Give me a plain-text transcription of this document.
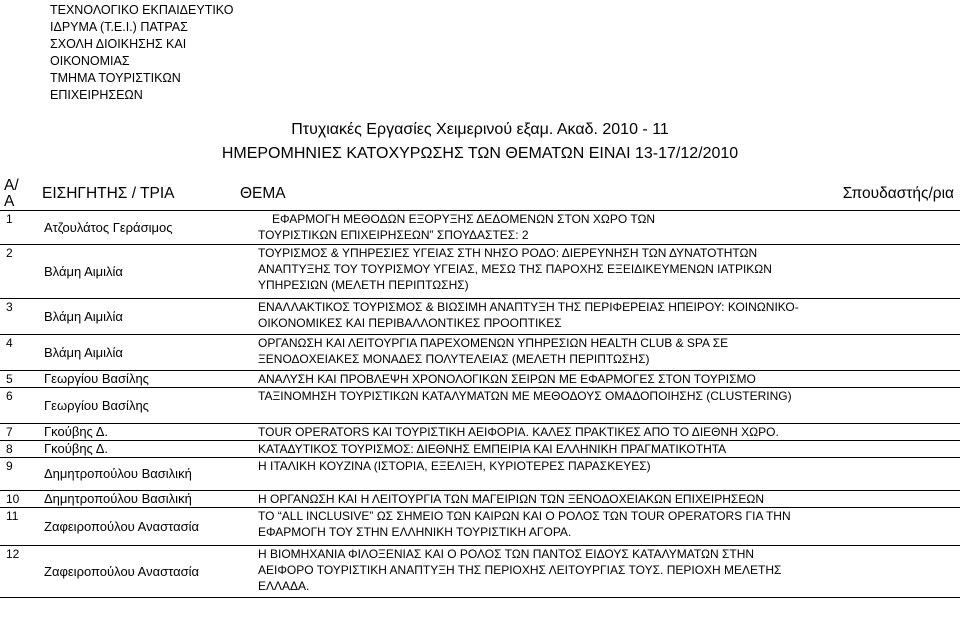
ΤΕΧΝΟΛΟΓΙΚΟ ΕΚΠΑΙΔΕΥΤΙΚΟ
ΙΔΡΥΜΑ (Τ.Ε.Ι.) ΠΑΤΡΑΣ
ΣΧΟΛΗ ΔΙΟΙΚΗΣΗΣ ΚΑΙ
ΟΙΚΟΝΟΜΙΑΣ
ΤΜΗΜΑ ΤΟΥΡΙΣΤΙΚΩΝ
ΕΠΙΧΕΙΡΗΣΕΩΝ
Πτυχιακές Εργασίες Χειμερινού εξαμ. Ακαδ. 2010 - 11
ΗΜΕΡΟΜΗΝΙΕΣ ΚΑΤΟΧΥΡΩΣΗΣ ΤΩΝ ΘΕΜΑΤΩΝ ΕΙΝΑΙ 13-17/12/2010
Α/Α	ΕΙΣΗΓΗΤΗΣ / ΤΡΙΑ	ΘΕΜΑ	Σπουδαστής/ρια
1	Ατζουλάτος Γεράσιμος	ΕΦΑΡΜΟΓΗ ΜΕΘΟΔΩΝ ΕΞΟΡΥΞΗΣ ΔΕΔΟΜΕΝΩΝ ΣΤΟΝ ΧΩΡΟ ΤΩΝ
ΤΟΥΡΙΣΤΙΚΩΝ ΕΠΙΧΕΙΡΗΣΕΩΝ” ΣΠΟΥΔΑΣΤΕΣ: 2	

2	Βλάμη Αιμιλία	ΤΟΥΡΙΣΜΟΣ & ΥΠΗΡΕΣΙΕΣ ΥΓΕΙΑΣ ΣΤΗ ΝΗΣΟ ΡΟΔΟ: ΔΙΕΡΕΥΝΗΣΗ ΤΩΝ ΔΥΝΑΤΟΤΗΤΩΝ
ΑΝΑΠΤΥΞΗΣ ΤΟΥ ΤΟΥΡΙΣΜΟΥ ΥΓΕΙΑΣ, ΜΕΣΩ ΤΗΣ ΠΑΡΟΧΗΣ ΕΞΕΙΔΙΚΕΥΜΕΝΩΝ ΙΑΤΡΙΚΩΝ
ΥΠΗΡΕΣΙΩΝ (ΜΕΛΕΤΗ ΠΕΡΙΠΤΩΣΗΣ)	

3	Βλάμη Αιμιλία	ΕΝΑΛΛΑΚΤΙΚΟΣ ΤΟΥΡΙΣΜΟΣ & ΒΙΩΣΙΜΗ ΑΝΑΠΤΥΞΗ ΤΗΣ ΠΕΡΙΦΕΡΕΙΑΣ ΗΠΕΙΡΟΥ: ΚΟΙΝΩΝΙΚΟ-
ΟΙΚΟΝΟΜΙΚΕΣ ΚΑΙ ΠΕΡΙΒΑΛΛΟΝΤΙΚΕΣ ΠΡΟΟΠΤΙΚΕΣ	

4	Βλάμη Αιμιλία	ΟΡΓΑΝΩΣΗ ΚΑΙ ΛΕΙΤΟΥΡΓΙΑ ΠΑΡΕΧΟΜΕΝΩΝ ΥΠΗΡΕΣΙΩΝ HEALTH CLUB & SPA ΣΕ
ΞΕΝΟΔΟΧΕΙΑΚΕΣ ΜΟΝΑΔΕΣ ΠΟΛΥΤΕΛΕΙΑΣ (ΜΕΛΕΤΗ ΠΕΡΙΠΤΩΣΗΣ)	

5	Γεωργίου Βασίλης	ΑΝΑΛΥΣΗ ΚΑΙ ΠΡΟΒΛΕΨΗ ΧΡΟΝΟΛΟΓΙΚΩΝ ΣΕΙΡΩΝ ΜΕ ΕΦΑΡΜΟΓΕΣ ΣΤΟΝ ΤΟΥΡΙΣΜΟ	

6	Γεωργίου Βασίλης	ΤΑΞΙΝΟΜΗΣΗ ΤΟΥΡΙΣΤΙΚΩΝ ΚΑΤΑΛΥΜΑΤΩΝ ΜΕ ΜΕΘΟΔΟΥΣ ΟΜΑΔΟΠΟΙΗΣΗΣ (CLUSTERING)	

7	Γκούβης Δ.	TOUR OPERATORS ΚΑΙ ΤΟΥΡΙΣΤΙΚΗ ΑΕΙΦΟΡΙΑ. ΚΑΛΕΣ ΠΡΑΚΤΙΚΕΣ ΑΠΟ ΤΟ ΔΙΕΘΝΗ ΧΩΡΟ.	

8	Γκούβης Δ.	ΚΑΤΑΔΥΤΙΚΟΣ ΤΟΥΡΙΣΜΟΣ: ΔΙΕΘΝΗΣ ΕΜΠΕΙΡΙΑ ΚΑΙ ΕΛΛΗΝΙΚΗ ΠΡΑΓΜΑΤΙΚΟΤΗΤΑ	

9	Δημητροπούλου Βασιλική	Η ΙΤΑΛΙΚΗ ΚΟΥΖΙΝΑ (ΙΣΤΟΡΙΑ, ΕΞΕΛΙΞΗ, ΚΥΡΙΟΤΕΡΕΣ ΠΑΡΑΣΚΕΥΕΣ)	

10	Δημητροπούλου Βασιλική	Η ΟΡΓΑΝΩΣΗ ΚΑΙ Η ΛΕΙΤΟΥΡΓΙΑ ΤΩΝ ΜΑΓΕΙΡΙΩΝ ΤΩΝ ΞΕΝΟΔΟΧΕΙΑΚΩΝ ΕΠΙΧΕΙΡΗΣΕΩΝ	

11	Ζαφειροπούλου Αναστασία	ΤΟ “ALL INCLUSIVE” ΩΣ ΣΗΜΕΙΟ ΤΩΝ ΚΑΙΡΩΝ ΚΑΙ Ο ΡΟΛΟΣ ΤΩΝ TOUR OPERATORS ΓΙΑ ΤΗΝ
ΕΦΑΡΜΟΓΗ ΤΟΥ ΣΤΗΝ ΕΛΛΗΝΙΚΗ ΤΟΥΡΙΣΤΙΚΗ ΑΓΟΡΑ.	

12	Ζαφειροπούλου Αναστασία	Η ΒΙΟΜΗΧΑΝΙΑ ΦΙΛΟΞΕΝΙΑΣ ΚΑΙ Ο ΡΟΛΟΣ ΤΩΝ ΠΑΝΤΟΣ ΕΙΔΟΥΣ ΚΑΤΑΛΥΜΑΤΩΝ ΣΤΗΝ
ΑΕΙΦΟΡΟ ΤΟΥΡΙΣΤΙΚΗ ΑΝΑΠΤΥΞΗ ΤΗΣ ΠΕΡΙΟΧΗΣ ΛΕΙΤΟΥΡΓΙΑΣ ΤΟΥΣ. ΠΕΡΙΟΧΗ ΜΕΛΕΤΗΣ
ΕΛΛΑΔΑ.	
